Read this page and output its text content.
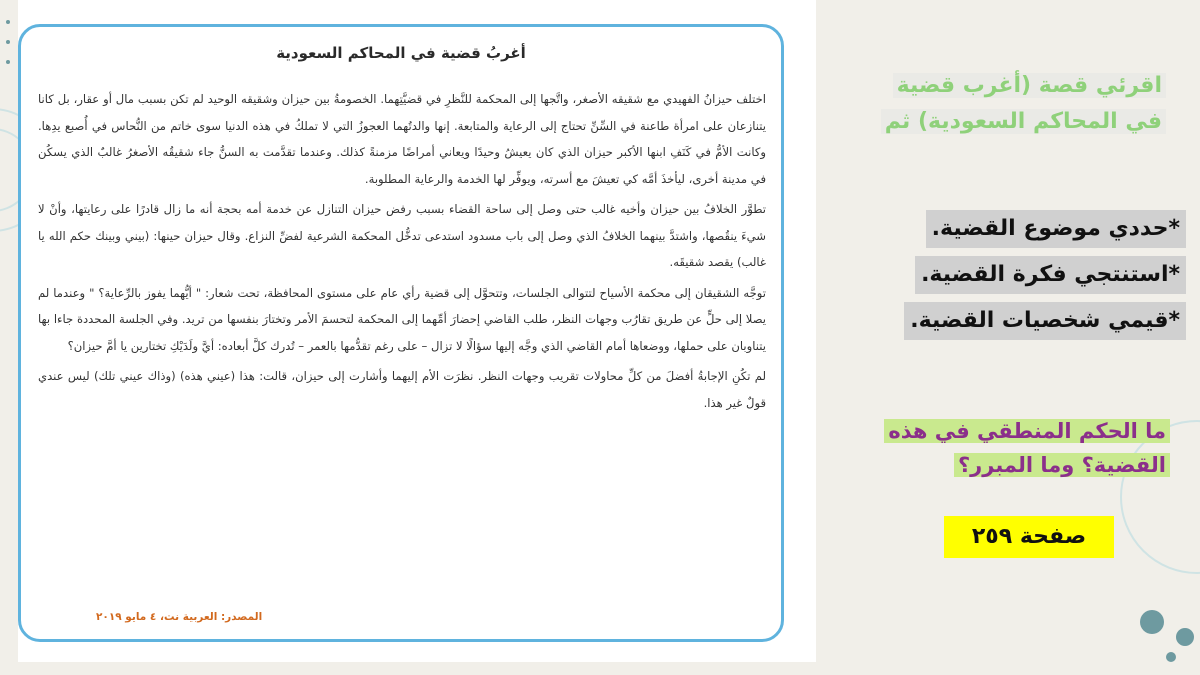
أغربُ قضية في المحاكم السعودية

اختلف حيزانُ الفهيدي مع شقيقه الأصغر، واتَّجها إلى المحكمة للنَّظرِ في قضيَّتِهما. الخصومةُ بين حيزان وشقيقه الوحيد لم تكن بسبب مال أو عقار، بل كانا يتنازعان على امرأة طاعنة في السِّنِّ تحتاج إلى الرعاية والمتابعة. إنها والدتُهما العجوزُ التي لا تملكُ في هذه الدنيا سوى خاتم من النُّحاس في أُصبع يدِها. وكانت الأمُّ في كَنَفِ ابنها الأكبر حيزان الذي كان يعيشُ وحيدًا ويعاني أمراضًا مزمنةً كذلك. وعندما تقدَّمت به السنُّ جاء شقيقُه الأصغرُ غالبٌ الذي يسكُن في مدينة أخرى، ليأخذَ أمَّه كي تعيشَ مع أسرته، ويوفِّر لها الخدمة والرعاية المطلوبة.

تطوَّر الخلافُ بين حيزان وأخيه غالب حتى وصل إلى ساحة القضاء بسبب رفض حيزان التنازل عن خدمة أمه بحجة أنه ما زال قادرًا على رعايتها، وأنْ لا شيءَ ينقُصها، واشتدَّ بينهما الخلافُ الذي وصل إلى باب مسدود استدعى تدخُّل المحكمة الشرعية لفضِّ النزاع. وقال حيزان حينها: (بيني وبينك حكم الله يا غالب) يقصد شقيقَه.

توجَّه الشقيقان إلى محكمة الأسياح لتتوالى الجلسات، وتتحوَّل إلى قضية رأي عام على مستوى المحافظة، تحت شعار: " أيُّهما يفوز بالرِّعاية؟ " وعندما لم يصلا إلى حلٍّ عن طريق تقارُب وجهات النظر، طلب القاضي إحضارَ أمِّهما إلى المحكمة لتحسمَ الأمر وتختارَ بنفسها من تريد. وفي الجلسة المحددة جاءا بها يتناوبان على حملها، ووضعاها أمام القاضي الذي وجَّه إليها سؤالًا لا تزال – على رغم تقدُّمها بالعمر – تُدرك كلَّ أبعاده: أيَّ ولَدَيْكِ تختارين يا أمَّ حيزان؟

لم تكُنِ الإجابةُ أفضلَ من كلِّ محاولات تقريب وجهات النظر. نظرَت الأم إليهما وأشارت إلى حيزان، قالت: هذا (عيني هذه) (وذاك عيني تلك) ليس عندي قولٌ غير هذا.

المصدر: العربية نت، ٤ مايو ٢٠١٩
اقرئي قصة (أغرب قضية
في المحاكم السعودية) ثم
*حددي موضوع القضية.
*استنتجي فكرة القضية.
*قيمي شخصيات القضية.
ما الحكم المنطقي في هذه
القضية؟ وما المبرر؟
صفحة ٢٥٩
